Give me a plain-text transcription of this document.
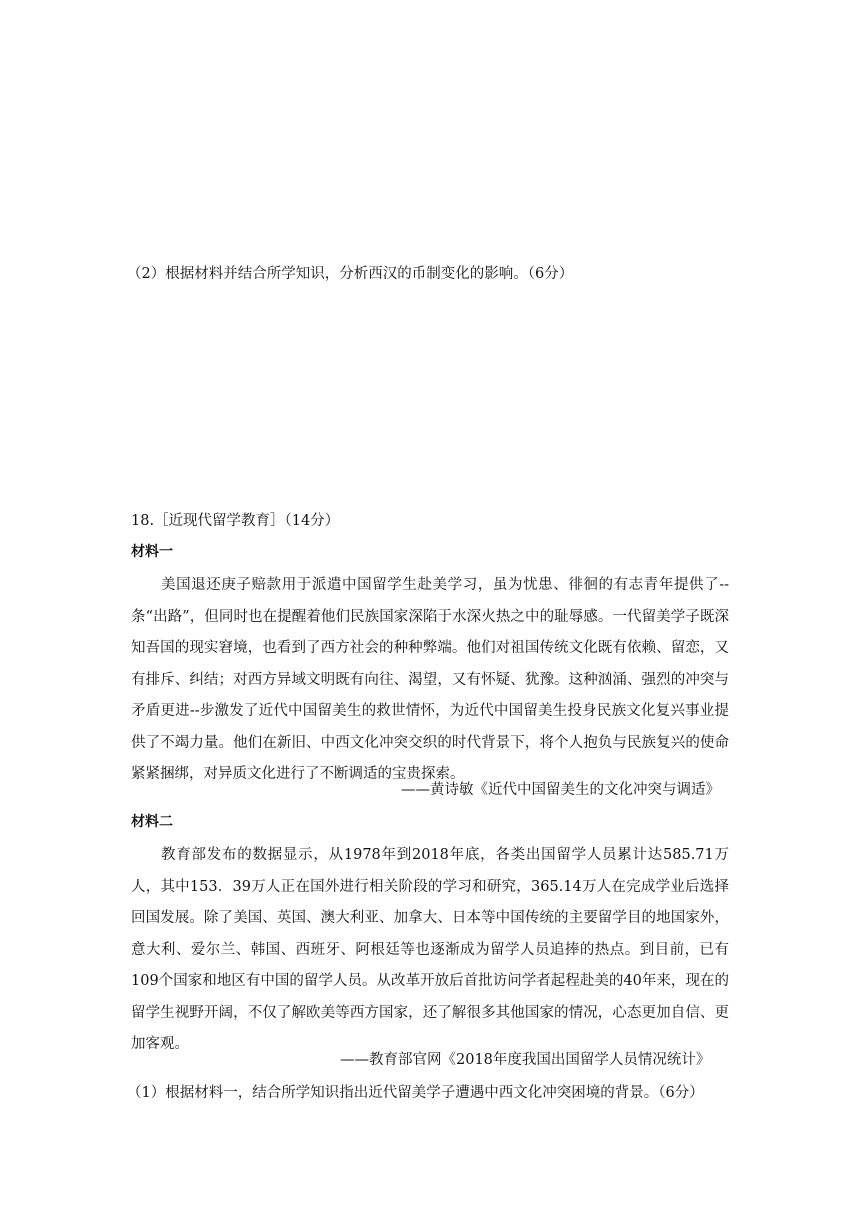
（2）根据材料并结合所学知识，分析西汉的币制变化的影响。（6分）
18.［近现代留学教育］（14分）
材料一
美国退还庚子赔款用于派遣中国留学生赴美学习，虽为忧患、徘徊的有志青年提供了--条“出路”，但同时也在提醒着他们民族国家深陷于水深火热之中的耻辱感。一代留美学子既深知吾国的现实窘境，也看到了西方社会的种种弊端。他们对祖国传统文化既有依赖、留恋，又有排斥、纠结；对西方异域文明既有向往、渴望，又有怀疑、犹豫。这种汹涌、强烈的冲突与矛盾更进--步激发了近代中国留美生的救世情怀，为近代中国留美生投身民族文化复兴事业提供了不竭力量。他们在新旧、中西文化冲突交织的时代背景下，将个人抱负与民族复兴的使命紧紧捆绑，对异质文化进行了不断调适的宝贵探索。
——黄诗敏《近代中国留美生的文化冲突与调适》
材料二
教育部发布的数据显示，从1978年到2018年底，各类出国留学人员累计达585.71万人，其中153．39万人正在国外进行相关阶段的学习和研究，365.14万人在完成学业后选择回国发展。除了美国、英国、澳大利亚、加拿大、日本等中国传统的主要留学目的地国家外，意大利、爱尔兰、韩国、西班牙、阿根廷等也逐渐成为留学人员追捧的热点。到目前，已有109个国家和地区有中国的留学人员。从改革开放后首批访问学者起程赴美的40年来，现在的留学生视野开阔，不仅了解欧美等西方国家，还了解很多其他国家的情况，心态更加自信、更加客观。
——教育部官网《2018年度我国出国留学人员情况统计》
（1）根据材料一，结合所学知识指出近代留美学子遭遇中西文化冲突困境的背景。（6分）
